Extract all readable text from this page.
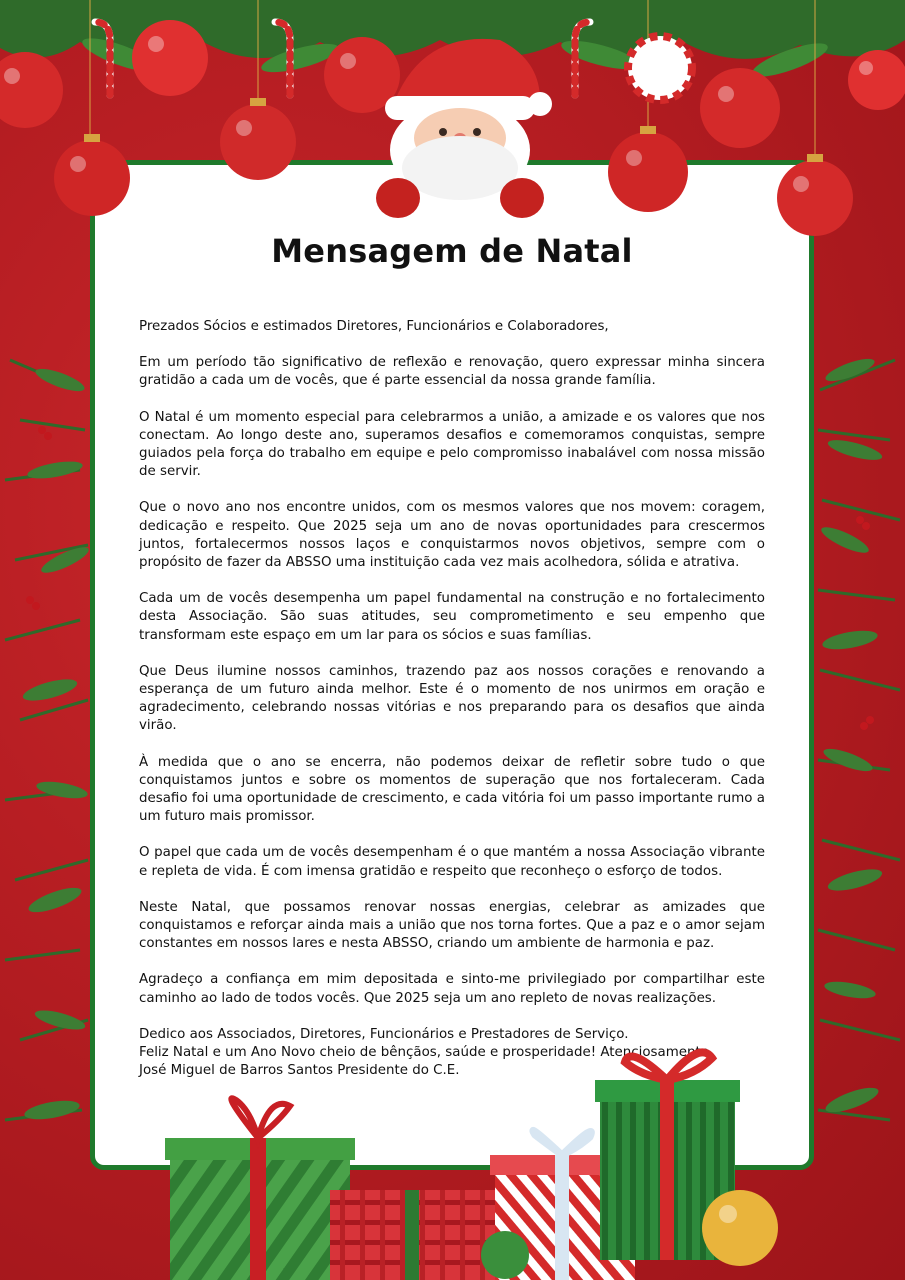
Mensagem de Natal

Prezados Sócios e estimados Diretores, Funcionários e Colaboradores,

Em um período tão significativo de reflexão e renovação, quero expressar minha sincera gratidão a cada um de vocês, que é parte essencial da nossa grande família.

O Natal é um momento especial para celebrarmos a união, a amizade e os valores que nos conectam. Ao longo deste ano, superamos desafios e comemoramos conquistas, sempre guiados pela força do trabalho em equipe e pelo compromisso inabalável com nossa missão de servir.

Que o novo ano nos encontre unidos, com os mesmos valores que nos movem: coragem, dedicação e respeito. Que 2025 seja um ano de novas oportunidades para crescermos juntos, fortalecermos nossos laços e conquistarmos novos objetivos, sempre com o propósito de fazer da ABSSO uma instituição cada vez mais acolhedora, sólida e atrativa.

Cada um de vocês desempenha um papel fundamental na construção e no fortalecimento desta Associação. São suas atitudes, seu comprometimento e seu empenho que transformam este espaço em um lar para os sócios e suas famílias.

Que Deus ilumine nossos caminhos, trazendo paz aos nossos corações e renovando a esperança de um futuro ainda melhor. Este é o momento de nos unirmos em oração e agradecimento, celebrando nossas vitórias e nos preparando para os desafios que ainda virão.

À medida que o ano se encerra, não podemos deixar de refletir sobre tudo o que conquistamos juntos e sobre os momentos de superação que nos fortaleceram. Cada desafio foi uma oportunidade de crescimento, e cada vitória foi um passo importante rumo a um futuro mais promissor.

O papel que cada um de vocês desempenham é o que mantém a nossa Associação vibrante e repleta de vida. É com imensa gratidão e respeito que reconheço o esforço de todos.

Neste Natal, que possamos renovar nossas energias, celebrar as amizades que conquistamos e reforçar ainda mais a união que nos torna fortes. Que a paz e o amor sejam constantes em nossos lares e nesta ABSSO, criando um ambiente de harmonia e paz.

Agradeço a confiança em mim depositada e sinto-me privilegiado por compartilhar este caminho ao lado de todos vocês. Que 2025 seja um ano repleto de novas realizações.

Dedico aos Associados, Diretores, Funcionários e Prestadores de Serviço.

Feliz Natal e um Ano Novo cheio de bênçãos, saúde e prosperidade! Atenciosamente,

José Miguel de Barros Santos Presidente do C.E.
